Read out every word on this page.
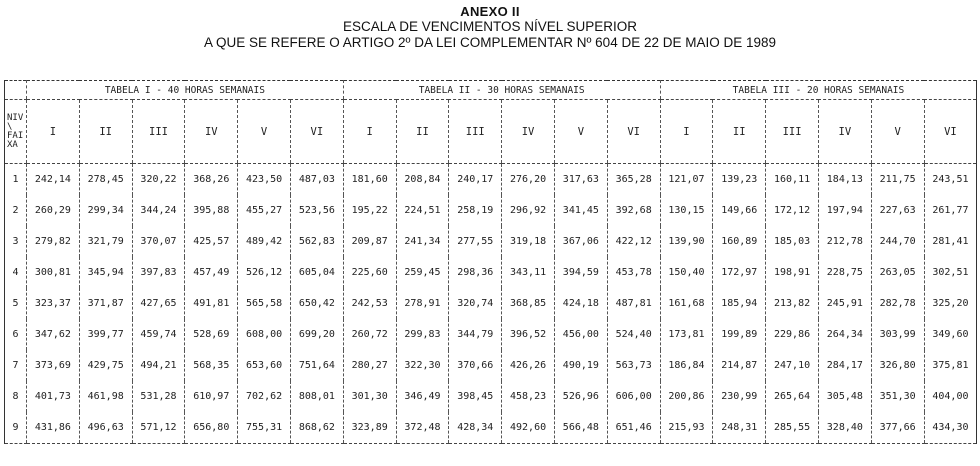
ANEXO II
ESCALA DE VENCIMENTOS NÍVEL SUPERIOR
A QUE SE REFERE O ARTIGO 2º DA LEI COMPLEMENTAR Nº 604 DE 22 DE MAIO DE 1989
	TABELA I - 40 HORAS SEMANAIS						TABELA II - 30 HORAS SEMANAIS						TABELA III - 20 HORAS SEMANAIS					
NIV
\
FAI
XA	I	II	III	IV	V	VI	I	II	III	IV	V	VI	I	II	III	IV	V	VI
1	242,14	278,45	320,22	368,26	423,50	487,03	181,60	208,84	240,17	276,20	317,63	365,28	121,07	139,23	160,11	184,13	211,75	243,51
2	260,29	299,34	344,24	395,88	455,27	523,56	195,22	224,51	258,19	296,92	341,45	392,68	130,15	149,66	172,12	197,94	227,63	261,77
3	279,82	321,79	370,07	425,57	489,42	562,83	209,87	241,34	277,55	319,18	367,06	422,12	139,90	160,89	185,03	212,78	244,70	281,41
4	300,81	345,94	397,83	457,49	526,12	605,04	225,60	259,45	298,36	343,11	394,59	453,78	150,40	172,97	198,91	228,75	263,05	302,51
5	323,37	371,87	427,65	491,81	565,58	650,42	242,53	278,91	320,74	368,85	424,18	487,81	161,68	185,94	213,82	245,91	282,78	325,20
6	347,62	399,77	459,74	528,69	608,00	699,20	260,72	299,83	344,79	396,52	456,00	524,40	173,81	199,89	229,86	264,34	303,99	349,60
7	373,69	429,75	494,21	568,35	653,60	751,64	280,27	322,30	370,66	426,26	490,19	563,73	186,84	214,87	247,10	284,17	326,80	375,81
8	401,73	461,98	531,28	610,97	702,62	808,01	301,30	346,49	398,45	458,23	526,96	606,00	200,86	230,99	265,64	305,48	351,30	404,00
9	431,86	496,63	571,12	656,80	755,31	868,62	323,89	372,48	428,34	492,60	566,48	651,46	215,93	248,31	285,55	328,40	377,66	434,30
